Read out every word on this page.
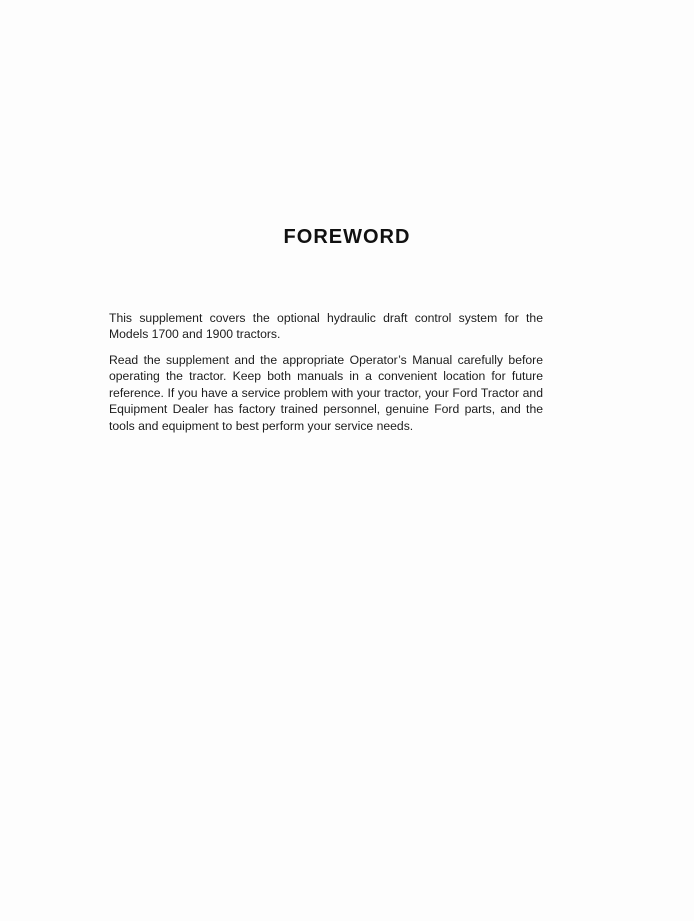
FOREWORD

This supplement covers the optional hydraulic draft control system for the Models 1700 and 1900 tractors.

Read the supplement and the appropriate Operator’s Manual carefully before operating the tractor. Keep both manuals in a convenient location for future reference. If you have a service problem with your tractor, your Ford Tractor and Equipment Dealer has factory trained personnel, genuine Ford parts, and the tools and equipment to best perform your service needs.
